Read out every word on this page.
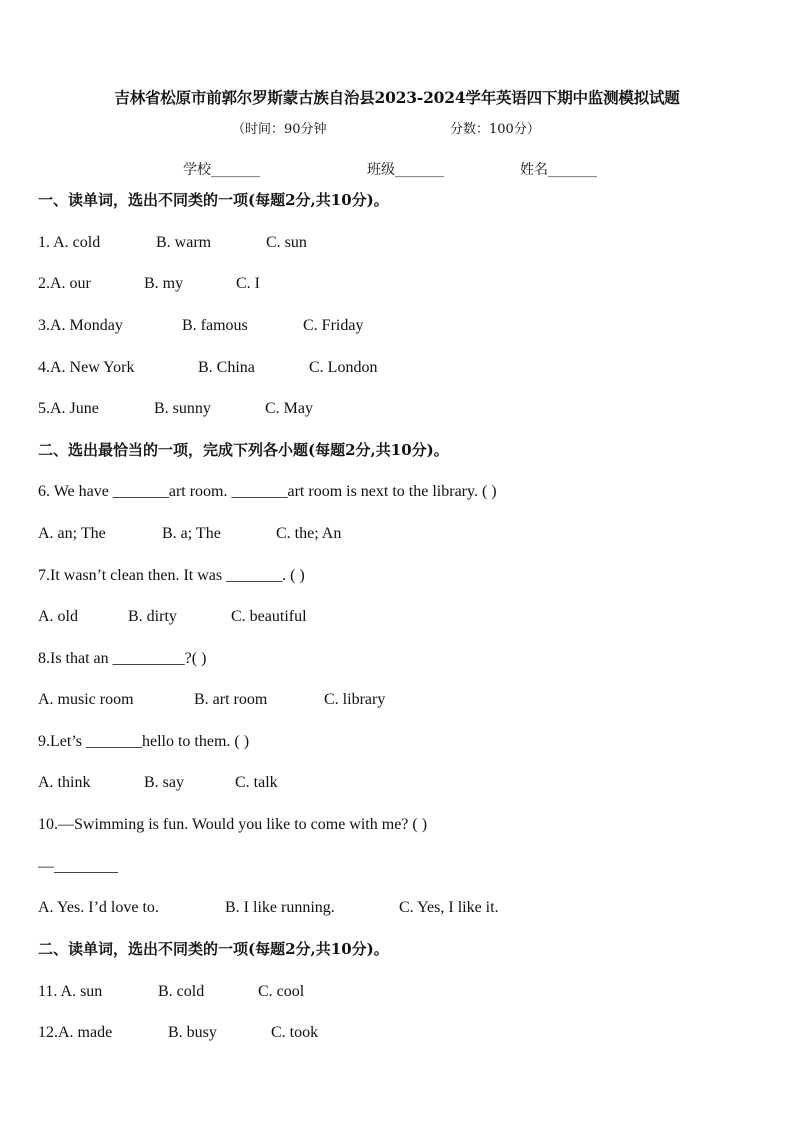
吉林省松原市前郭尔罗斯蒙古族自治县2023-2024学年英语四下期中监测模拟试题
（时间：90分钟	分数：100分）
学校_______	班级_______	姓名_______
一、读单词，选出不同类的一项(每题2分,共10分)。
1. A. cold	B. warm	C. sun
2.A. our	B. my	C. I
3.A. Monday	B. famous	C. Friday
4.A. New York	B. China	C. London
5.A. June	B. sunny	C. May
二、选出最恰当的一项，完成下列各小题(每题2分,共10分)。
6. We have _______art room. _______art room is next to the library. ( )
A. an; The	B. a; The	C. the; An
7.It wasn’t clean then. It was _______. ( )
A. old	B. dirty	C. beautiful
8.Is that an _________?( )
A. music room	B. art room	C. library
9.Let’s _______hello to them. ( )
A. think	B. say	C. talk
10.—Swimming is fun. Would you like to come with me? ( )
—________
A. Yes. I’d love to.	B. I like running.	C. Yes, I like it.
二、读单词，选出不同类的一项(每题2分,共10分)。
11. A. sun	B. cold	C. cool
12.A. made	B. busy	C. took
